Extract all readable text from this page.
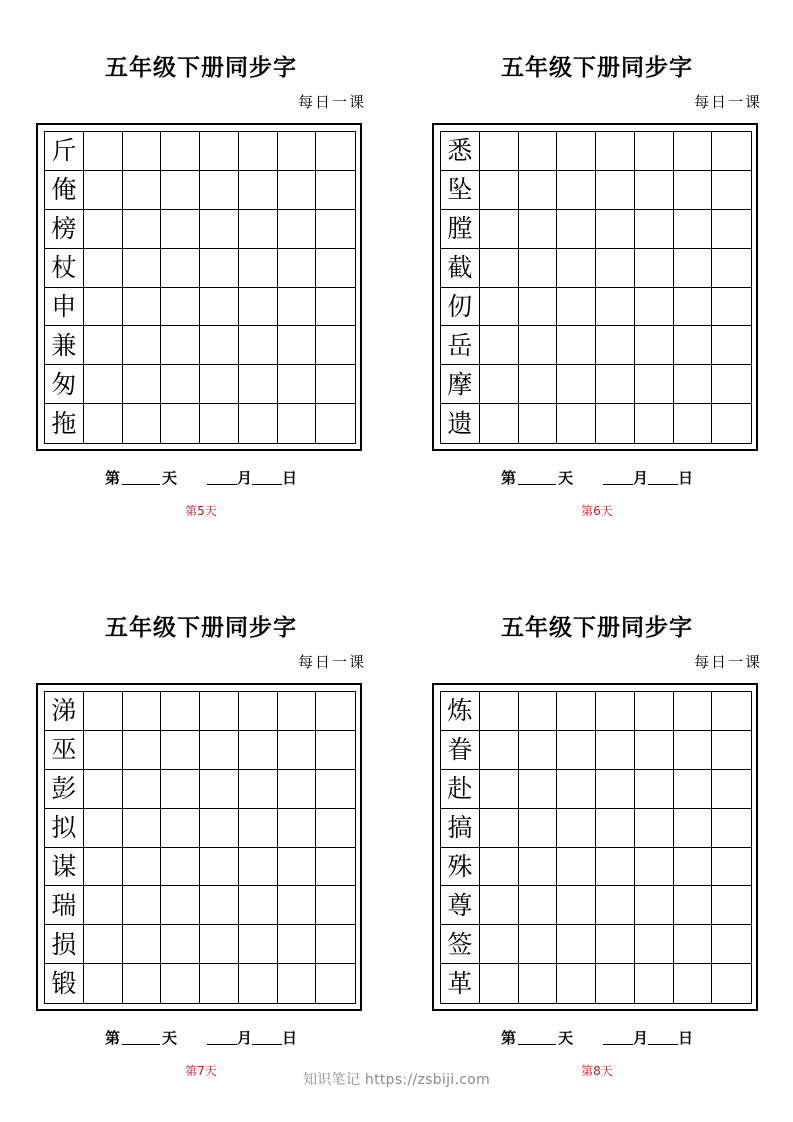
五年级下册同步字
每日一课
斤
俺
榜
杖
申
兼
匆
拖
第	天	月 日
第5天
五年级下册同步字
每日一课
悉
坠
膛
截
仞
岳
摩
遗
第	天	月 日
第6天
五年级下册同步字
每日一课
涕
巫
彭
拟
谋
瑞
损
锻
第	天	月 日
第7天
五年级下册同步字
每日一课
炼
眷
赴
搞
殊
尊
签
革
第	天	月 日
第8天
知识笔记 https://zsbiji.com
